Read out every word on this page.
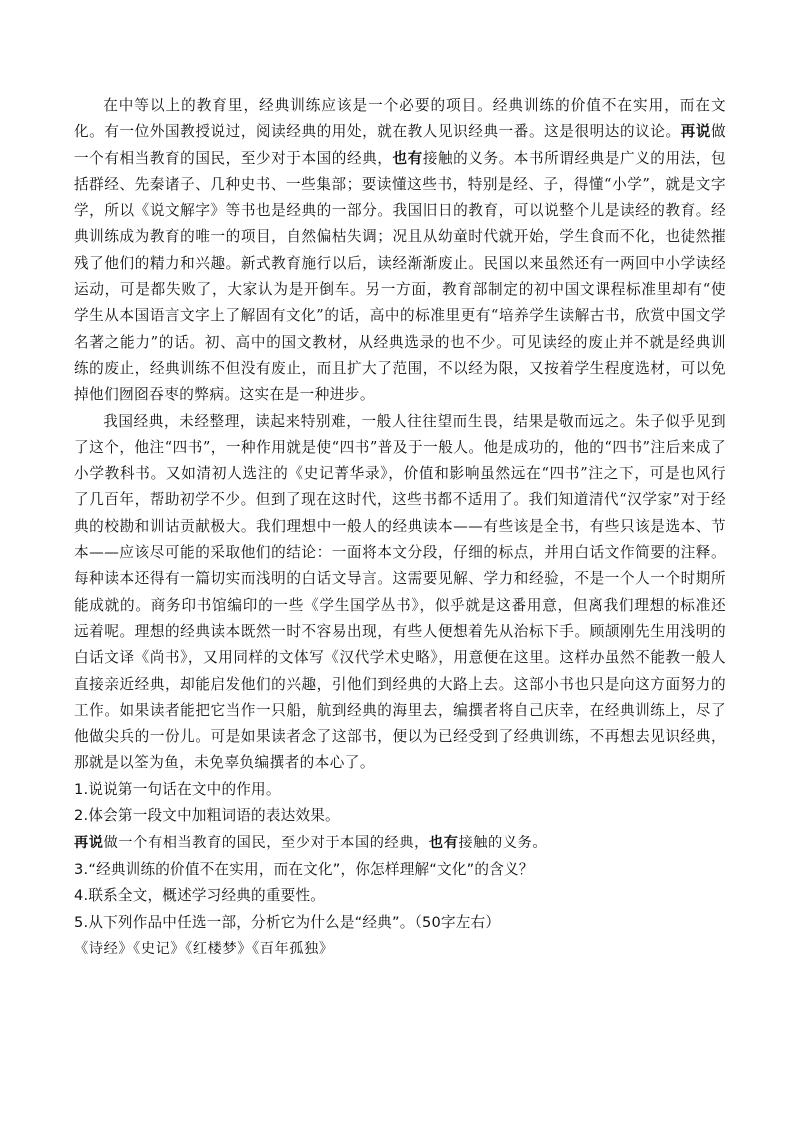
在中等以上的教育里，经典训练应该是一个必要的项目。经典训练的价值不在实用，而在文化。有一位外国教授说过，阅读经典的用处，就在教人见识经典一番。这是很明达的议论。再说做一个有相当教育的国民，至少对于本国的经典，也有接触的义务。本书所谓经典是广义的用法，包括群经、先秦诸子、几种史书、一些集部；要读懂这些书，特别是经、子，得懂“小学”，就是文字学，所以《说文解字》等书也是经典的一部分。我国旧日的教育，可以说整个儿是读经的教育。经典训练成为教育的唯一的项目，自然偏枯失调；况且从幼童时代就开始，学生食而不化，也徒然摧残了他们的精力和兴趣。新式教育施行以后，读经渐渐废止。民国以来虽然还有一两回中小学读经运动，可是都失败了，大家认为是开倒车。另一方面，教育部制定的初中国文课程标准里却有“使学生从本国语言文字上了解固有文化”的话，高中的标准里更有“培养学生读解古书，欣赏中国文学名著之能力”的话。初、高中的国文教材，从经典选录的也不少。可见读经的废止并不就是经典训练的废止，经典训练不但没有废止，而且扩大了范围，不以经为限，又按着学生程度选材，可以免掉他们囫囵吞枣的弊病。这实在是一种进步。

我国经典，未经整理，读起来特别难，一般人往往望而生畏，结果是敬而远之。朱子似乎见到了这个，他注“四书”，一种作用就是使“四书”普及于一般人。他是成功的，他的“四书”注后来成了小学教科书。又如清初人选注的《史记菁华录》，价值和影响虽然远在“四书”注之下，可是也风行了几百年，帮助初学不少。但到了现在这时代，这些书都不适用了。我们知道清代“汉学家”对于经典的校勘和训诂贡献极大。我们理想中一般人的经典读本——有些该是全书，有些只该是选本、节本——应该尽可能的采取他们的结论：一面将本文分段，仔细的标点，并用白话文作简要的注释。每种读本还得有一篇切实而浅明的白话文导言。这需要见解、学力和经验，不是一个人一个时期所能成就的。商务印书馆编印的一些《学生国学丛书》，似乎就是这番用意，但离我们理想的标准还远着呢。理想的经典读本既然一时不容易出现，有些人便想着先从治标下手。顾颉刚先生用浅明的白话文译《尚书》，又用同样的文体写《汉代学术史略》，用意便在这里。这样办虽然不能教一般人直接亲近经典，却能启发他们的兴趣，引他们到经典的大路上去。这部小书也只是向这方面努力的工作。如果读者能把它当作一只船，航到经典的海里去，编撰者将自己庆幸，在经典训练上，尽了他做尖兵的一份儿。可是如果读者念了这部书，便以为已经受到了经典训练，不再想去见识经典，那就是以筌为鱼，未免辜负编撰者的本心了。

1.说说第一句话在文中的作用。

2.体会第一段文中加粗词语的表达效果。

再说做一个有相当教育的国民，至少对于本国的经典，也有接触的义务。

3.“经典训练的价值不在实用，而在文化”，你怎样理解“文化”的含义？

4.联系全文，概述学习经典的重要性。

5.从下列作品中任选一部，分析它为什么是“经典”。（50字左右）

《诗经》《史记》《红楼梦》《百年孤独》
